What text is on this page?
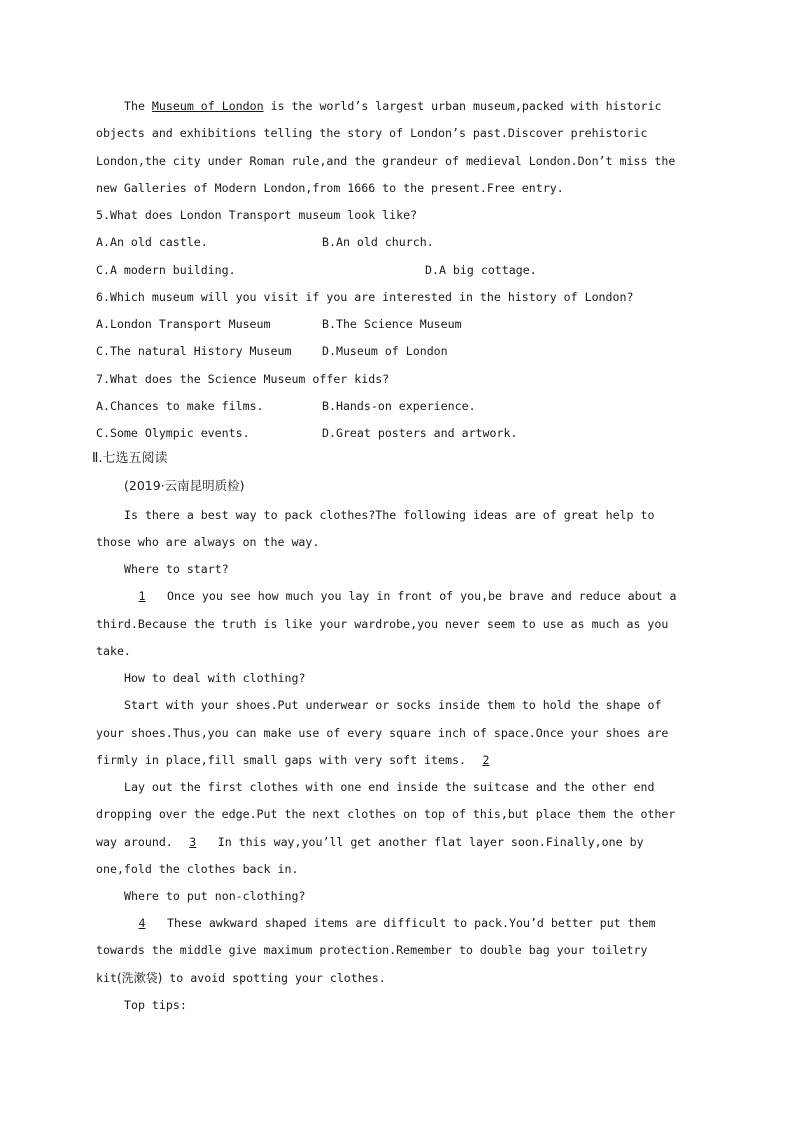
The Museum of London is the world’s largest urban museum,packed with historic
objects and exhibitions telling the story of London’s past.Discover prehistoric
London,the city under Roman rule,and the grandeur of medieval London.Don’t miss the
new Galleries of Modern London,from 1666 to the present.Free entry.
5.What does London Transport museum look like?
A.An old castle.	B.An old church.
C.A modern building.	D.A big cottage.
6.Which museum will you visit if you are interested in the history of London?
A.London Transport Museum	B.The Science Museum
C.The natural History Museum	D.Museum of London
7.What does the Science Museum offer kids?
A.Chances to make films.	B.Hands-on experience.
C.Some Olympic events.	D.Great posters and artwork.
Ⅱ.七选五阅读
(2019·云南昆明质检)
Is there a best way to pack clothes?The following ideas are of great help to
those who are always on the way.
Where to start?
1 Once you see how much you lay in front of you,be brave and reduce about a
third.Because the truth is like your wardrobe,you never seem to use as much as you
take.
How to deal with clothing?
Start with your shoes.Put underwear or socks inside them to hold the shape of
your shoes.Thus,you can make use of every square inch of space.Once your shoes are
firmly in place,fill small gaps with very soft items. 2
Lay out the first clothes with one end inside the suitcase and the other end
dropping over the edge.Put the next clothes on top of this,but place them the other
way around. 3 In this way,you’ll get another flat layer soon.Finally,one by
one,fold the clothes back in.
Where to put non-clothing?
4 These awkward shaped items are difficult to pack.You’d better put them
towards the middle give maximum protection.Remember to double bag your toiletry
kit(洗漱袋) to avoid spotting your clothes.
Top tips:
